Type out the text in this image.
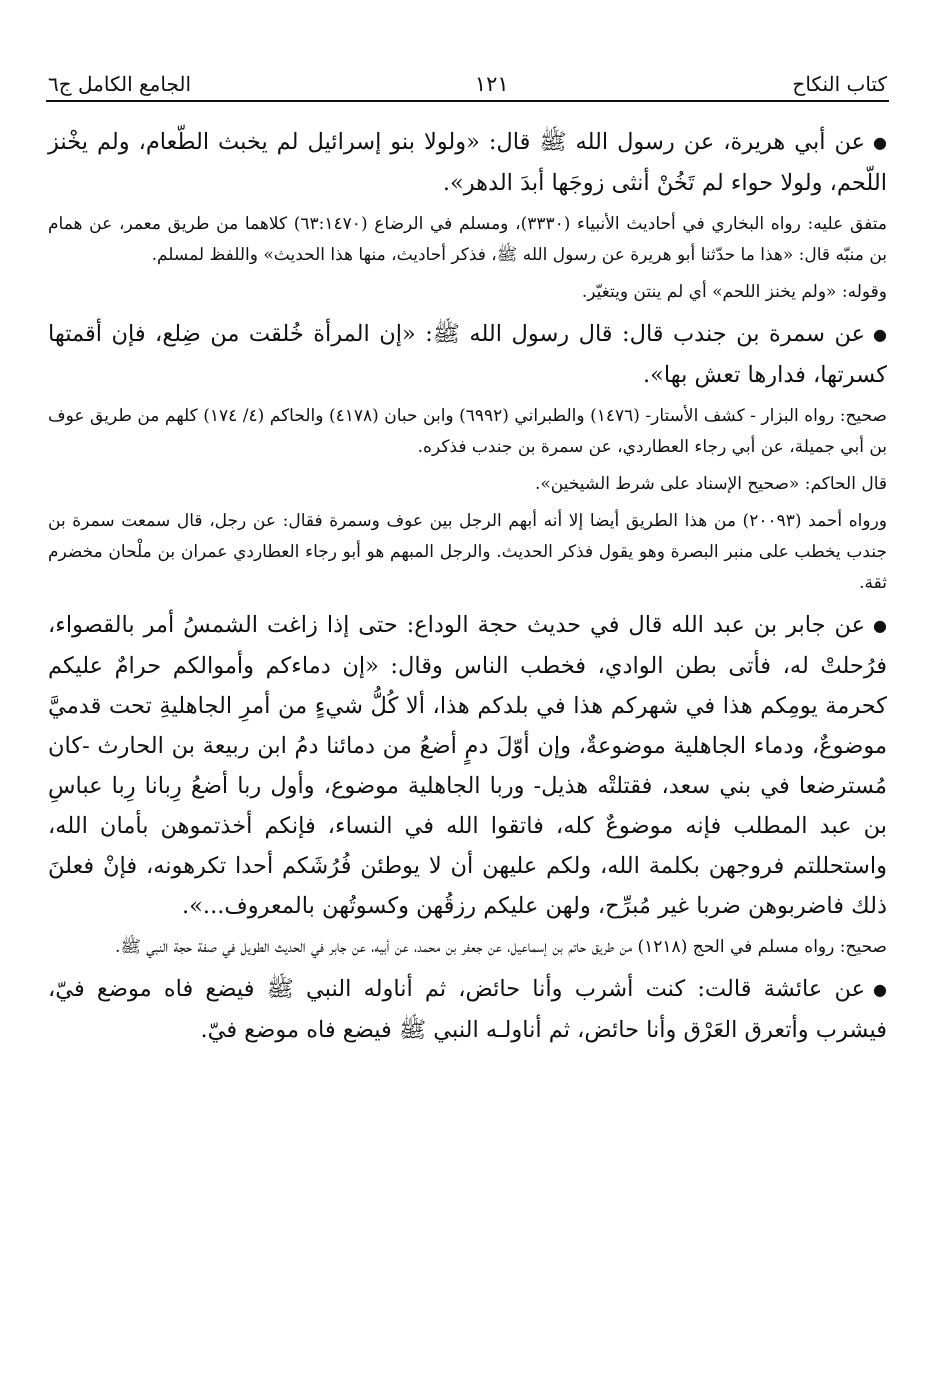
كتاب النكاح
١٢١
الجامع الكامل ج٦

●عن أبي هريرة، عن رسول الله ﷺ قال: «ولولا بنو إسرائيل لم يخبث الطّعام، ولم يخْنز اللّحم، ولولا حواء لم تَخُنْ أنثى زوجَها أبدَ الدهر».

متفق عليه: رواه البخاري في أحاديث الأنبياء (٣٣٣٠)، ومسلم في الرضاع (٦٣:١٤٧٠) كلاهما من طريق معمر، عن همام بن منبّه قال: «هذا ما حدّثنا أبو هريرة عن رسول الله ﷺ، فذكر أحاديث، منها هذا الحديث» واللفظ لمسلم.

وقوله: «ولم يخنز اللحم» أي لم ينتن ويتغيّر.

●عن سمرة بن جندب قال: قال رسول الله ﷺ: «إن المرأة خُلقت من ضِلع، فإن أقمتها كسرتها، فدارها تعش بها».

صحيح: رواه البزار - كشف الأستار- (١٤٧٦) والطبراني (٦٩٩٢) وابن حبان (٤١٧٨) والحاكم (٤/ ١٧٤) كلهم من طريق عوف بن أبي جميلة، عن أبي رجاء العطاردي، عن سمرة بن جندب فذكره.

قال الحاكم: «صحيح الإسناد على شرط الشيخين».

ورواه أحمد (٢٠٠٩٣) من هذا الطريق أيضا إلا أنه أبهم الرجل بين عوف وسمرة فقال: عن رجل، قال سمعت سمرة بن جندب يخطب على منبر البصرة وهو يقول فذكر الحديث. والرجل المبهم هو أبو رجاء العطاردي عمران بن ملْحان مخضرم ثقة.

●عن جابر بن عبد الله قال في حديث حجة الوداع: حتى إذا زاغت الشمسُ أمر بالقصواء، فرُحلتْ له، فأتى بطن الوادي، فخطب الناس وقال: «إن دماءكم وأموالكم حرامٌ عليكم كحرمة يومِكم هذا في شهركم هذا في بلدكم هذا، ألا كُلُّ شيءٍ من أمرِ الجاهليةِ تحت قدميَّ موضوعٌ، ودماء الجاهلية موضوعةٌ، وإن أوّلَ دمٍ أضعُ من دمائنا دمُ ابن ربيعة بن الحارث -كان مُسترضعا في بني سعد، فقتلتْه هذيل- وربا الجاهلية موضوع، وأول ربا أضعُ رِبانا رِبا عباسِ بن عبد المطلب فإنه موضوعٌ كله، فاتقوا الله في النساء، فإنكم أخذتموهن بأمان الله، واستحللتم فروجهن بكلمة الله، ولكم عليهن أن لا يوطئن فُرُشَكم أحدا تكرهونه، فإنْ فعلنَ ذلك فاضربوهن ضربا غير مُبرِّح، ولهن عليكم رزقُهن وكسوتُهن بالمعروف...».

صحيح: رواه مسلم في الحج (١٢١٨) من طريق حاتم بن إسماعيل، عن جعفر بن محمد، عن أبيه، عن جابر في الحديث الطويل في صفة حجة النبي ﷺ.

●عن عائشة قالت: كنت أشرب وأنا حائض، ثم أناوله النبي ﷺ فيضع فاه موضع فيّ، فيشرب وأتعرق العَرْق وأنا حائض، ثم أناولـه النبي ﷺ فيضع فاه موضع فيّ.
